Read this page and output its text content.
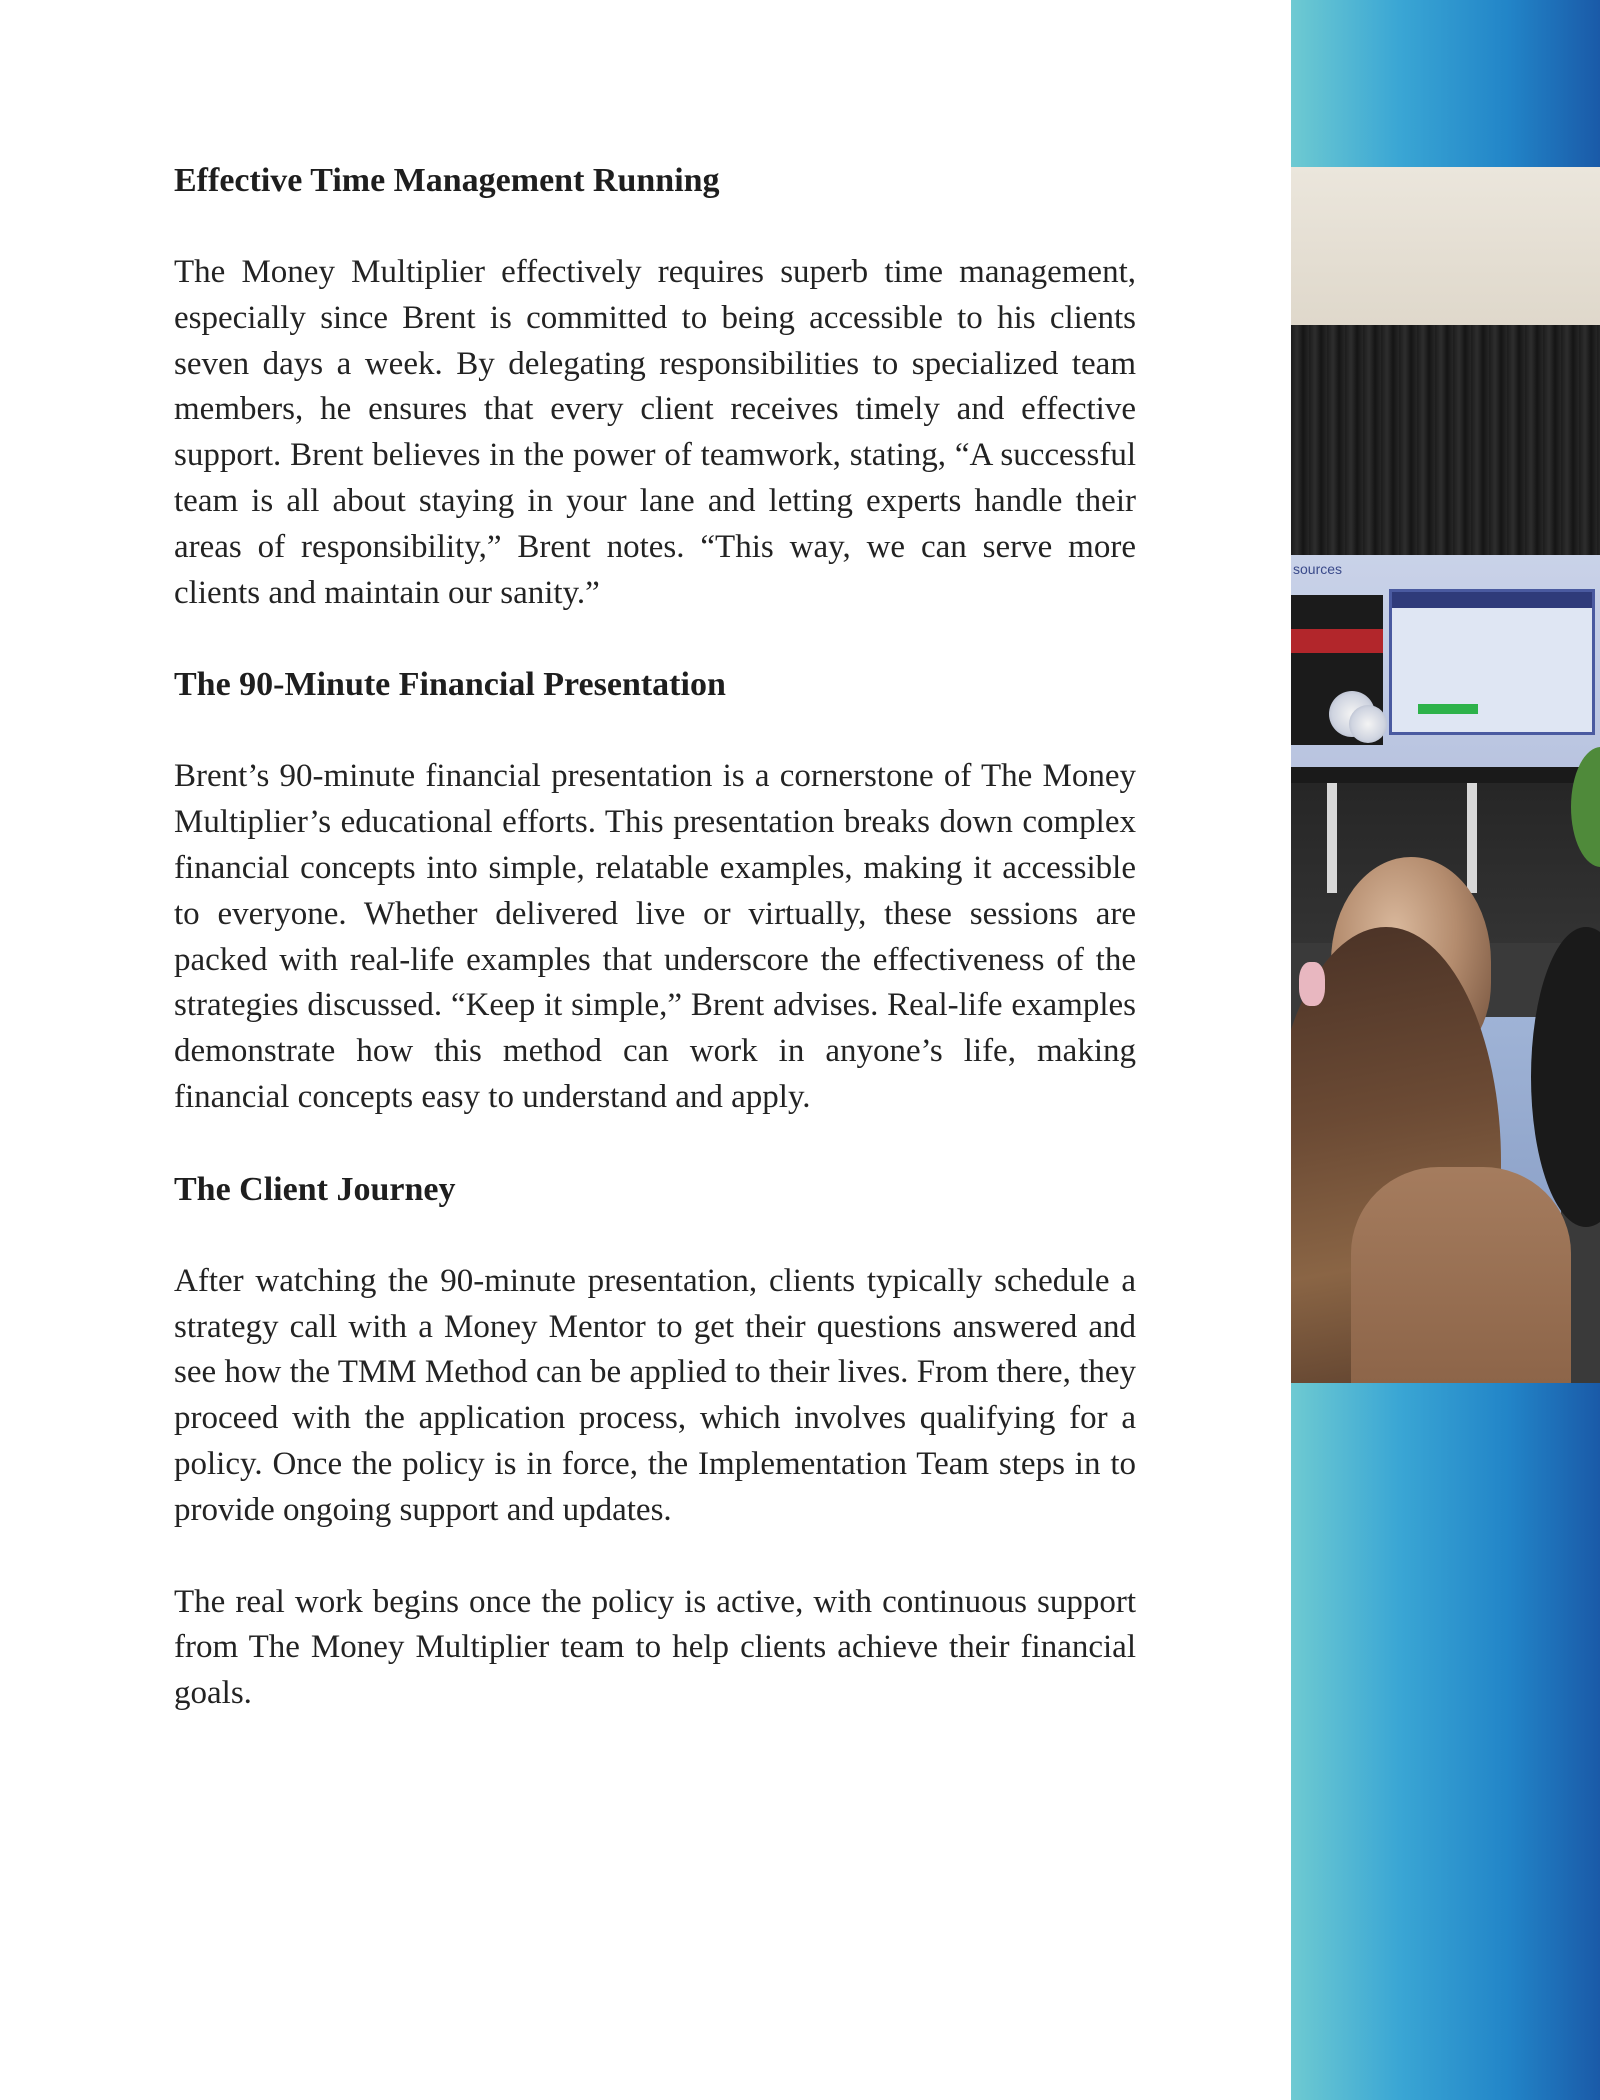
Effective Time Management Running

The Money Multiplier effectively requires superb time management, especially since Brent is committed to being accessible to his clients seven days a week. By delegating responsibilities to specialized team members, he ensures that every client receives timely and effective support. Brent believes in the power of teamwork, stating, “A successful team is all about staying in your lane and letting experts handle their areas of responsibility,” Brent notes. “This way, we can serve more clients and maintain our sanity.”

The 90-Minute Financial Presentation

Brent’s 90-minute financial presentation is a cornerstone of The Money Multiplier’s educational efforts. This presentation breaks down complex financial concepts into simple, relatable examples, making it accessible to everyone. Whether delivered live or virtually, these sessions are packed with real-life examples that underscore the effectiveness of the strategies discussed. “Keep it simple,” Brent advises. Real-life examples demonstrate how this method can work in anyone’s life, making financial concepts easy to understand and apply.

The Client Journey

After watching the 90-minute presentation, clients typically schedule a strategy call with a Money Mentor to get their questions answered and see how the TMM Method can be applied to their lives. From there, they proceed with the application process, which involves qualifying for a policy. Once the policy is in force, the Implementation Team steps in to provide ongoing support and updates.

The real work begins once the policy is active, with continuous support from The Money Multiplier team to help clients achieve their financial goals.

sources
